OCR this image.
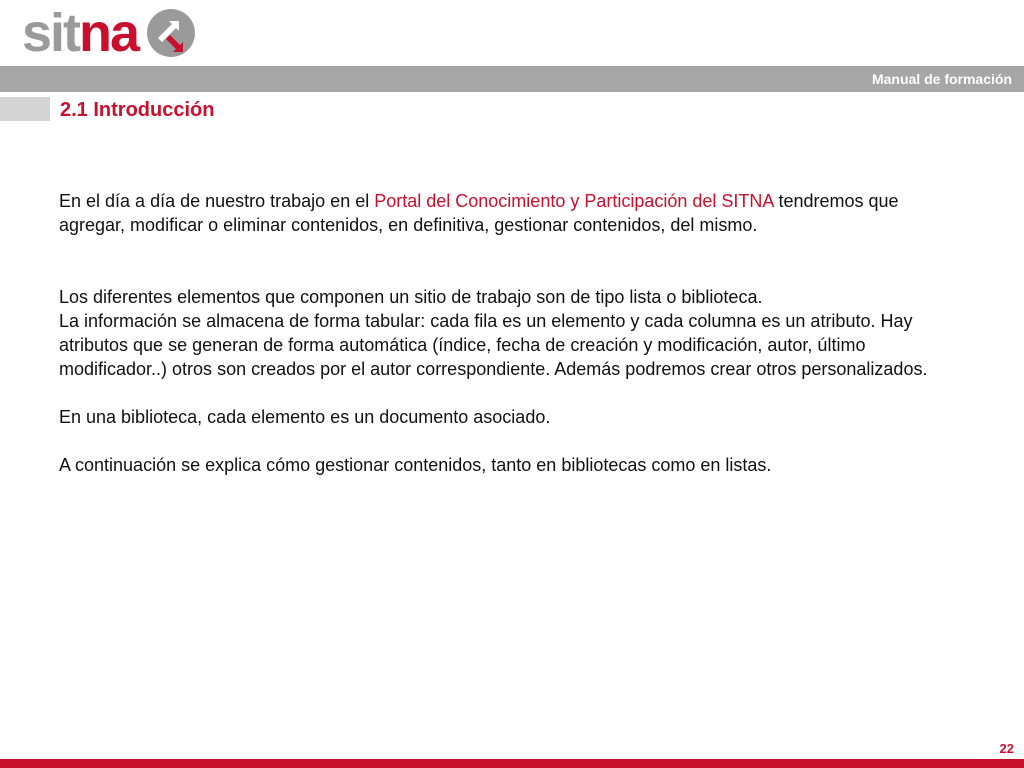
sit na
Manual de formación
2.1 Introducción

En el día a día de nuestro trabajo en el Portal del Conocimiento y Participación del SITNA tendremos que agregar, modificar o eliminar contenidos, en definitiva, gestionar contenidos, del mismo.

Los diferentes elementos que componen un sitio de trabajo son de tipo lista o biblioteca.
La información se almacena de forma tabular: cada fila es un elemento y cada columna es un atributo. Hay atributos que se generan de forma automática (índice, fecha de creación y modificación, autor, último modificador..) otros son creados por el autor correspondiente. Además podremos crear otros personalizados.

En una biblioteca, cada elemento es un documento asociado.

A continuación se explica cómo gestionar contenidos, tanto en bibliotecas como en listas.

22
